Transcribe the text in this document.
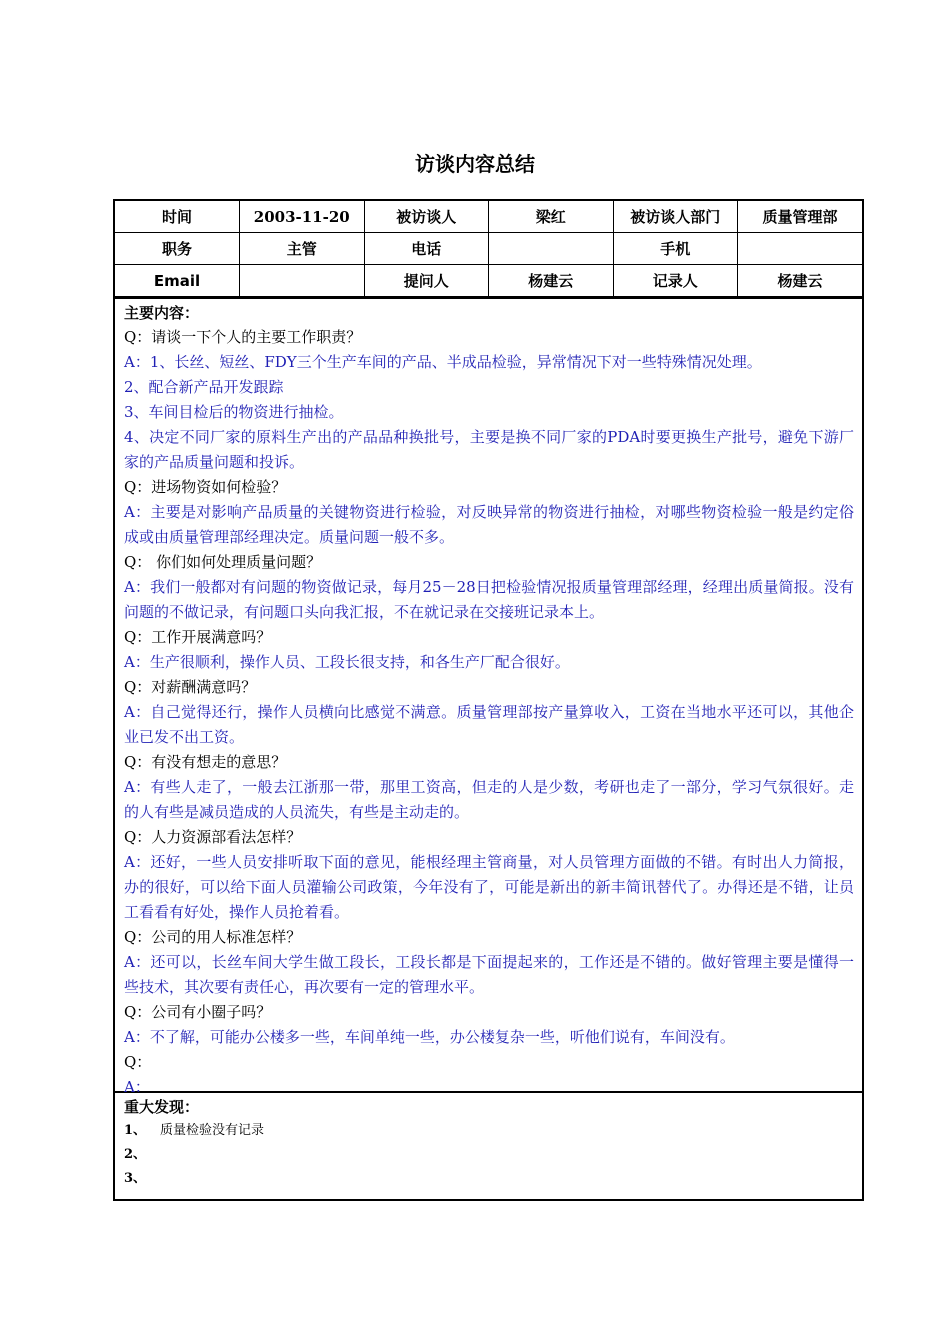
访谈内容总结
时间	2003-11-20	被访谈人	梁红	被访谈人部门	质量管理部
职务	主管	电话		手机	
Email		提问人	杨建云	记录人	杨建云
主要内容：
Q：请谈一下个人的主要工作职责？
A：1、长丝、短丝、FDY三个生产车间的产品、半成品检验，异常情况下对一些特殊情况处理。
2、配合新产品开发跟踪
3、车间目检后的物资进行抽检。
4、决定不同厂家的原料生产出的产品品种换批号，主要是换不同厂家的PDA时要更换生产批号，避免下游厂家的产品质量问题和投诉。
Q：进场物资如何检验？
A：主要是对影响产品质量的关键物资进行检验，对反映异常的物资进行抽检，对哪些物资检验一般是约定俗成或由质量管理部经理决定。质量问题一般不多。
Q： 你们如何处理质量问题？
A：我们一般都对有问题的物资做记录，每月25－28日把检验情况报质量管理部经理，经理出质量简报。没有问题的不做记录，有问题口头向我汇报，不在就记录在交接班记录本上。
Q：工作开展满意吗？
A：生产很顺利，操作人员、工段长很支持，和各生产厂配合很好。
Q：对薪酬满意吗？
A：自己觉得还行，操作人员横向比感觉不满意。质量管理部按产量算收入，工资在当地水平还可以，其他企业已发不出工资。
Q：有没有想走的意思？
A：有些人走了，一般去江浙那一带，那里工资高，但走的人是少数，考研也走了一部分，学习气氛很好。走的人有些是减员造成的人员流失，有些是主动走的。
Q：人力资源部看法怎样？
A：还好，一些人员安排听取下面的意见，能根经理主管商量，对人员管理方面做的不错。有时出人力简报，办的很好，可以给下面人员灌输公司政策，今年没有了，可能是新出的新丰简讯替代了。办得还是不错，让员工看看有好处，操作人员抢着看。
Q：公司的用人标准怎样？
A：还可以，长丝车间大学生做工段长，工段长都是下面提起来的，工作还是不错的。做好管理主要是懂得一些技术，其次要有责任心，再次要有一定的管理水平。
Q：公司有小圈子吗？
A：不了解，可能办公楼多一些，车间单纯一些，办公楼复杂一些，听他们说有，车间没有。
Q：
A：
重大发现：
1、 质量检验没有记录
2、
3、
